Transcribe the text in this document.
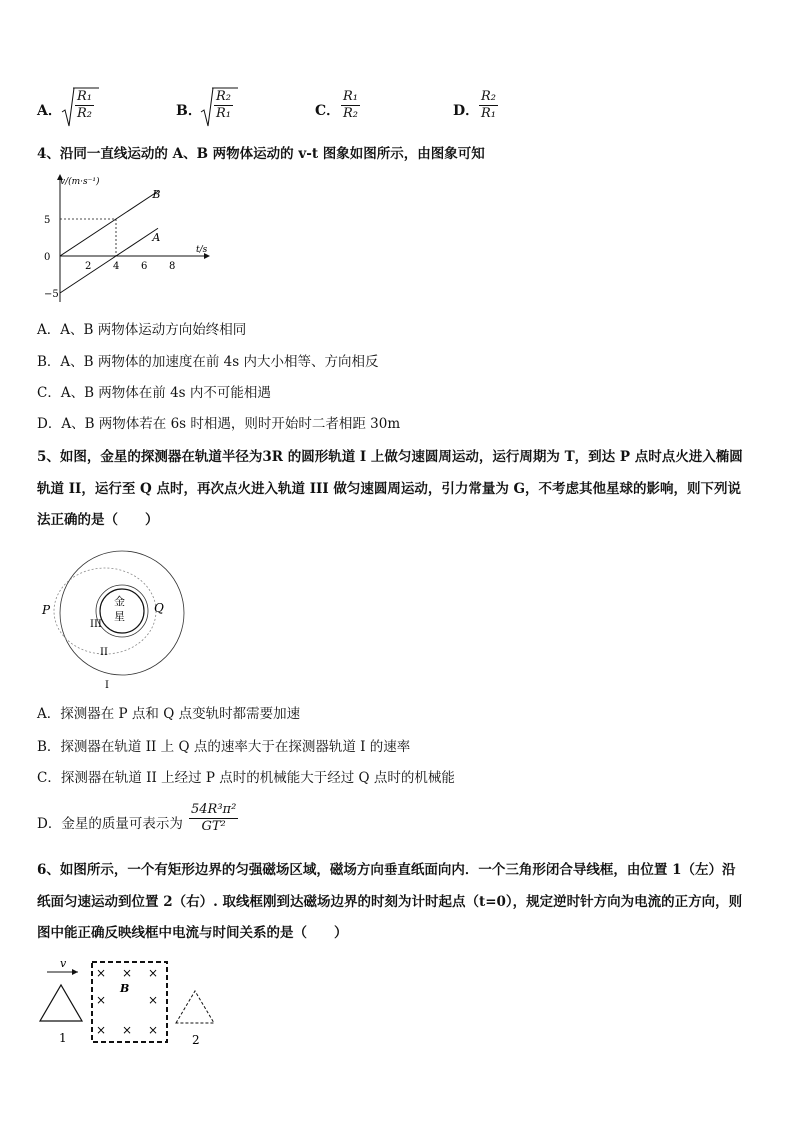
A． $\frac{\text{R₁}}{\text{R₂}}$	B． $\frac{\text{R₂}}{\text{R₁}}$	C． $\frac{\text{R₁}}{\text{R₂}}$	D． $\frac{\text{R₂}}{\text{R₁}}$
4、沿同一直线运动的 A、B 两物体运动的 v-t 图象如图所示，由图象可知
v/(m·s⁻¹)
t/s
2 4 6 8
5
0
−5
B
A
A．A、B 两物体运动方向始终相同
B．A、B 两物体的加速度在前 4s 内大小相等、方向相反
C．A、B 两物体在前 4s 内不可能相遇
D．A、B 两物体若在 6s 时相遇，则时开始时二者相距 30m
5、如图，金星的探测器在轨道半径为3R 的圆形轨道 I 上做匀速圆周运动，运行周期为 T，到达 P 点时点火进入椭圆
轨道 II，运行至 Q 点时，再次点火进入轨道 III 做匀速圆周运动，引力常量为 G，不考虑其他星球的影响，则下列说
法正确的是（　　）
金
星
P	Q
III
II
I
A．探测器在 P 点和 Q 点变轨时都需要加速
B．探测器在轨道 II 上 Q 点的速率大于在探测器轨道 I 的速率
C．探测器在轨道 II 上经过 P 点时的机械能大于经过 Q 点时的机械能
D．金星的质量可表示为 $\frac{\text{54R³π²}}{\text{GT²}}$
6、如图所示，一个有矩形边界的匀强磁场区域，磁场方向垂直纸面向内．一个三角形闭合导线框，由位置 1（左）沿
纸面匀速运动到位置 2（右）. 取线框刚到达磁场边界的时刻为计时起点（t=0），规定逆时针方向为电流的正方向，则
图中能正确反映线框中电流与时间关系的是（　　）
v
1
× × ×
×	×
× × ×
B
2
